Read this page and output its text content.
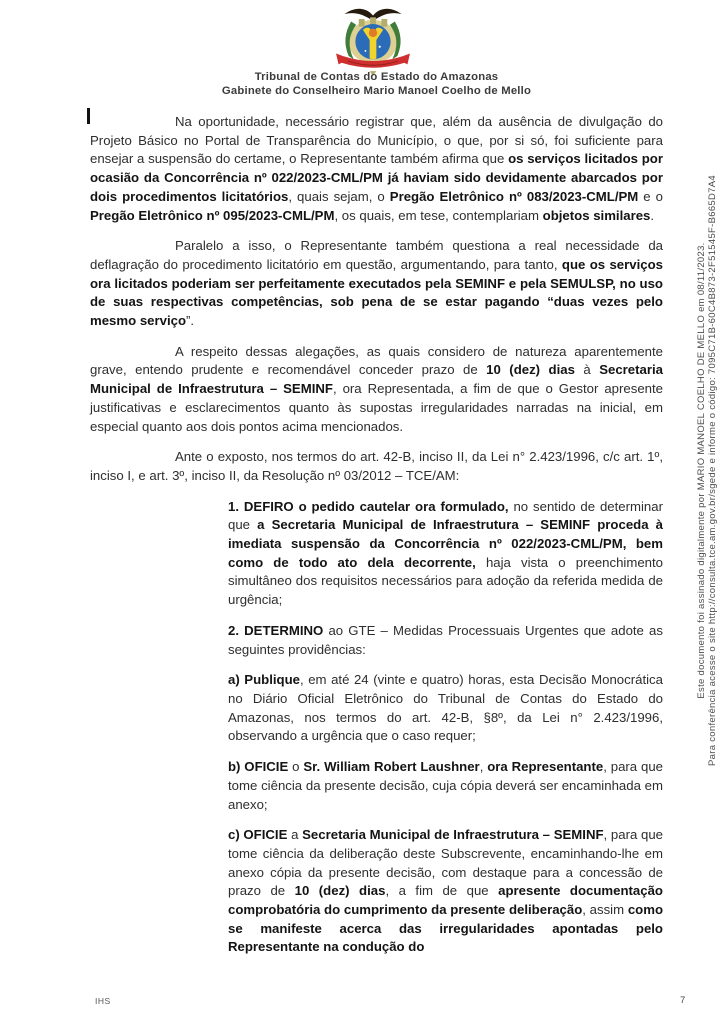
Tribunal de Contas do Estado do Amazonas
Gabinete do Conselheiro Mario Manoel Coelho de Mello
Na oportunidade, necessário registrar que, além da ausência de divulgação do Projeto Básico no Portal de Transparência do Município, o que, por si só, foi suficiente para ensejar a suspensão do certame, o Representante também afirma que os serviços licitados por ocasião da Concorrência nº 022/2023-CML/PM já haviam sido devidamente abarcados por dois procedimentos licitatórios, quais sejam, o Pregão Eletrônico nº 083/2023-CML/PM e o Pregão Eletrônico nº 095/2023-CML/PM, os quais, em tese, contemplariam objetos similares.
Paralelo a isso, o Representante também questiona a real necessidade da deflagração do procedimento licitatório em questão, argumentando, para tanto, que os serviços ora licitados poderiam ser perfeitamente executados pela SEMINF e pela SEMULSP, no uso de suas respectivas competências, sob pena de se estar pagando “duas vezes pelo mesmo serviço”.
A respeito dessas alegações, as quais considero de natureza aparentemente grave, entendo prudente e recomendável conceder prazo de 10 (dez) dias à Secretaria Municipal de Infraestrutura – SEMINF, ora Representada, a fim de que o Gestor apresente justificativas e esclarecimentos quanto às supostas irregularidades narradas na inicial, em especial quanto aos dois pontos acima mencionados.
Ante o exposto, nos termos do art. 42-B, inciso II, da Lei n° 2.423/1996, c/c art. 1º, inciso I, e art. 3º, inciso II, da Resolução nº 03/2012 – TCE/AM:
1. DEFIRO o pedido cautelar ora formulado, no sentido de determinar que a Secretaria Municipal de Infraestrutura – SEMINF proceda à imediata suspensão da Concorrência nº 022/2023-CML/PM, bem como de todo ato dela decorrente, haja vista o preenchimento simultâneo dos requisitos necessários para adoção da referida medida de urgência;
2. DETERMINO ao GTE – Medidas Processuais Urgentes que adote as seguintes providências:
a) Publique, em até 24 (vinte e quatro) horas, esta Decisão Monocrática no Diário Oficial Eletrônico do Tribunal de Contas do Estado do Amazonas, nos termos do art. 42-B, §8º, da Lei n° 2.423/1996, observando a urgência que o caso requer;
b) OFICIE o Sr. William Robert Laushner, ora Representante, para que tome ciência da presente decisão, cuja cópia deverá ser encaminhada em anexo;
c) OFICIE a Secretaria Municipal de Infraestrutura – SEMINF, para que tome ciência da deliberação deste Subscrevente, encaminhando-lhe em anexo cópia da presente decisão, com destaque para a concessão de prazo de 10 (dez) dias, a fim de que apresente documentação comprobatória do cumprimento da presente deliberação, assim como se manifeste acerca das irregularidades apontadas pelo Representante na condução do
Este documento foi assinado digitalmente por MARIO MANOEL COELHO DE MELLO em 08/11/2023. Para conferência acesse o site http://consulta.tce.am.gov.br/sgede e informe o código: 7095C71B-60C4B873-2F51545F-B665D7A4
IHS	7
